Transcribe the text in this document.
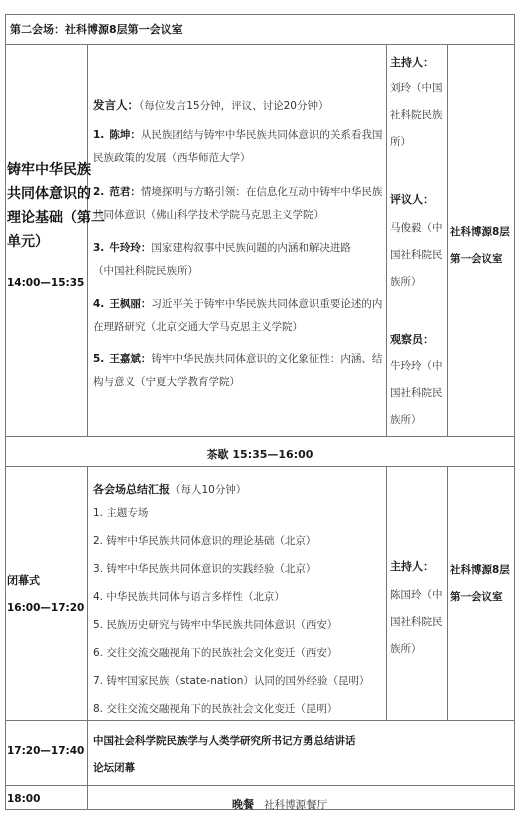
第二会场：社科博源8层第一会议室
铸牢中华民族
共同体意识的
理论基础（第二
单元）
14:00—15:35
发言人：（每位发言15分钟，评议、讨论20分钟）
1. 陈坤：从民族团结与铸牢中华民族共同体意识的关系看我国
民族政策的发展（西华师范大学）
2. 范君：情境探明与方略引领：在信息化互动中铸牢中华民族
共同体意识（佛山科学技术学院马克思主义学院）
3. 牛玲玲：国家建构叙事中民族问题的内涵和解决进路
（中国社科院民族所）
4. 王枫丽：习近平关于铸牢中华民族共同体意识重要论述的内
在理路研究（北京交通大学马克思主义学院）
5. 王嘉斌：铸牢中华民族共同体意识的文化象征性：内涵、结
构与意义（宁夏大学教育学院）
主持人：
刘玲（中国
社科院民族
所）
评议人：
马俊毅（中
国社科院民
族所）
观察员：
牛玲玲（中
国社科院民
族所）
社科博源8层
第一会议室
茶歇 15:35—16:00
闭幕式
16:00—17:20
各会场总结汇报（每人10分钟）
1. 主题专场
2. 铸牢中华民族共同体意识的理论基础（北京）
3. 铸牢中华民族共同体意识的实践经验（北京）
4. 中华民族共同体与语言多样性（北京）
5. 民族历史研究与铸牢中华民族共同体意识（西安）
6. 交往交流交融视角下的民族社会文化变迁（西安）
7. 铸牢国家民族（state-nation）认同的国外经验（昆明）
8. 交往交流交融视角下的民族社会文化变迁（昆明）
主持人：
陈国玲（中
国社科院民
族所）
社科博源8层
第一会议室
17:20—17:40
中国社会科学院民族学与人类学研究所书记方勇总结讲话
论坛闭幕
18:00	晚餐 社科博源餐厅
